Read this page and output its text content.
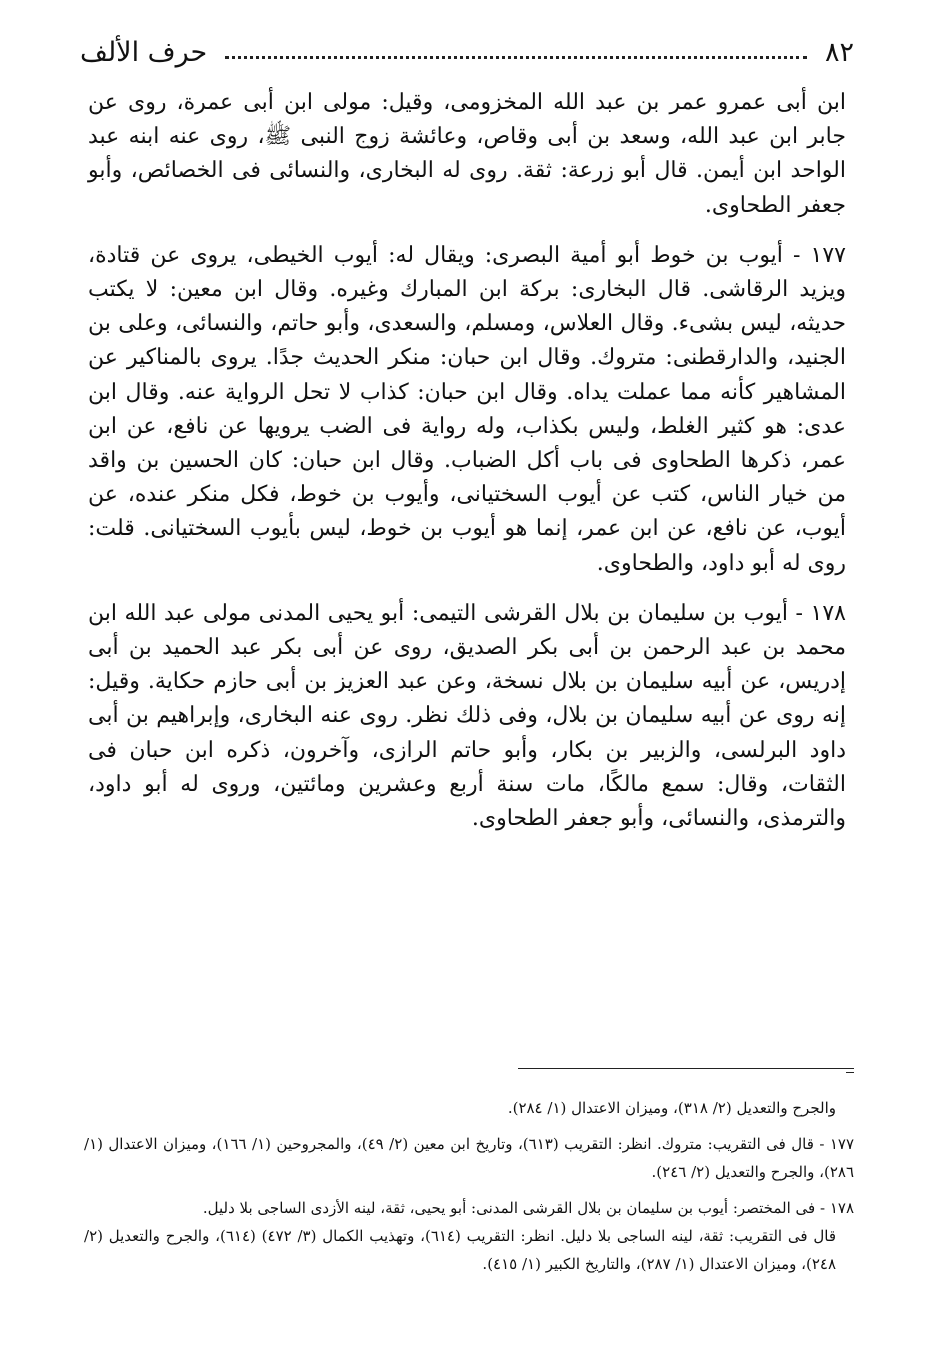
٨٢
حرف الألف

ابن أبى عمرو عمر بن عبد الله المخزومى، وقيل: مولى ابن أبى عمرة، روى عن جابر ابن عبد الله، وسعد بن أبى وقاص، وعائشة زوج النبى ﷺ، روى عنه ابنه عبد الواحد ابن أيمن. قال أبو زرعة: ثقة. روى له البخارى، والنسائى فى الخصائص، وأبو جعفر الطحاوى.

١٧٧ - أيوب بن خوط أبو أمية البصرى: ويقال له: أيوب الخيطى، يروى عن قتادة، ويزيد الرقاشى. قال البخارى: بركة ابن المبارك وغيره. وقال ابن معين: لا يكتب حديثه، ليس بشىء. وقال العلاس، ومسلم، والسعدى، وأبو حاتم، والنسائى، وعلى بن الجنيد، والدارقطنى: متروك. وقال ابن حبان: منكر الحديث جدًا. يروى بالمناكير عن المشاهير كأنه مما عملت يداه. وقال ابن حبان: كذاب لا تحل الرواية عنه. وقال ابن عدى: هو كثير الغلط، وليس بكذاب، وله رواية فى الضب يرويها عن نافع، عن ابن عمر، ذكرها الطحاوى فى باب أكل الضباب. وقال ابن حبان: كان الحسين بن واقد من خيار الناس، كتب عن أيوب السختيانى، وأيوب بن خوط، فكل منكر عنده، عن أيوب، عن نافع، عن ابن عمر، إنما هو أيوب بن خوط، ليس بأيوب السختيانى. قلت: روى له أبو داود، والطحاوى.

١٧٨ - أيوب بن سليمان بن بلال القرشى التيمى: أبو يحيى المدنى مولى عبد الله ابن محمد بن عبد الرحمن بن أبى بكر الصديق، روى عن أبى بكر عبد الحميد بن أبى إدريس، عن أبيه سليمان بن بلال نسخة، وعن عبد العزيز بن أبى حازم حكاية. وقيل: إنه روى عن أبيه سليمان بن بلال، وفى ذلك نظر. روى عنه البخارى، وإبراهيم بن أبى داود البرلسى، والزبير بن بكار، وأبو حاتم الرازى، وآخرون، ذكره ابن حبان فى الثقات، وقال: سمع مالكًا، مات سنة أربع وعشرين ومائتين، وروى له أبو داود، والترمذى، والنسائى، وأبو جعفر الطحاوى.

والجرح والتعديل (٢/ ٣١٨)، وميزان الاعتدال (١/ ٢٨٤).

١٧٧ - قال فى التقريب: متروك. انظر: التقريب (٦١٣)، وتاريخ ابن معين (٢/ ٤٩)، والمجروحين (١/ ١٦٦)، وميزان الاعتدال (١/ ٢٨٦)، والجرح والتعديل (٢/ ٢٤٦).

١٧٨ - فى المختصر: أيوب بن سليمان بن بلال القرشى المدنى: أبو يحيى، ثقة، لينه الأزدى الساجى بلا دليل.

قال فى التقريب: ثقة، لينه الساجى بلا دليل. انظر: التقريب (٦١٤)، وتهذيب الكمال (٣/ ٤٧٢) (٦١٤)، والجرح والتعديل (٢/ ٢٤٨)، وميزان الاعتدال (١/ ٢٨٧)، والتاريخ الكبير (١/ ٤١٥).
